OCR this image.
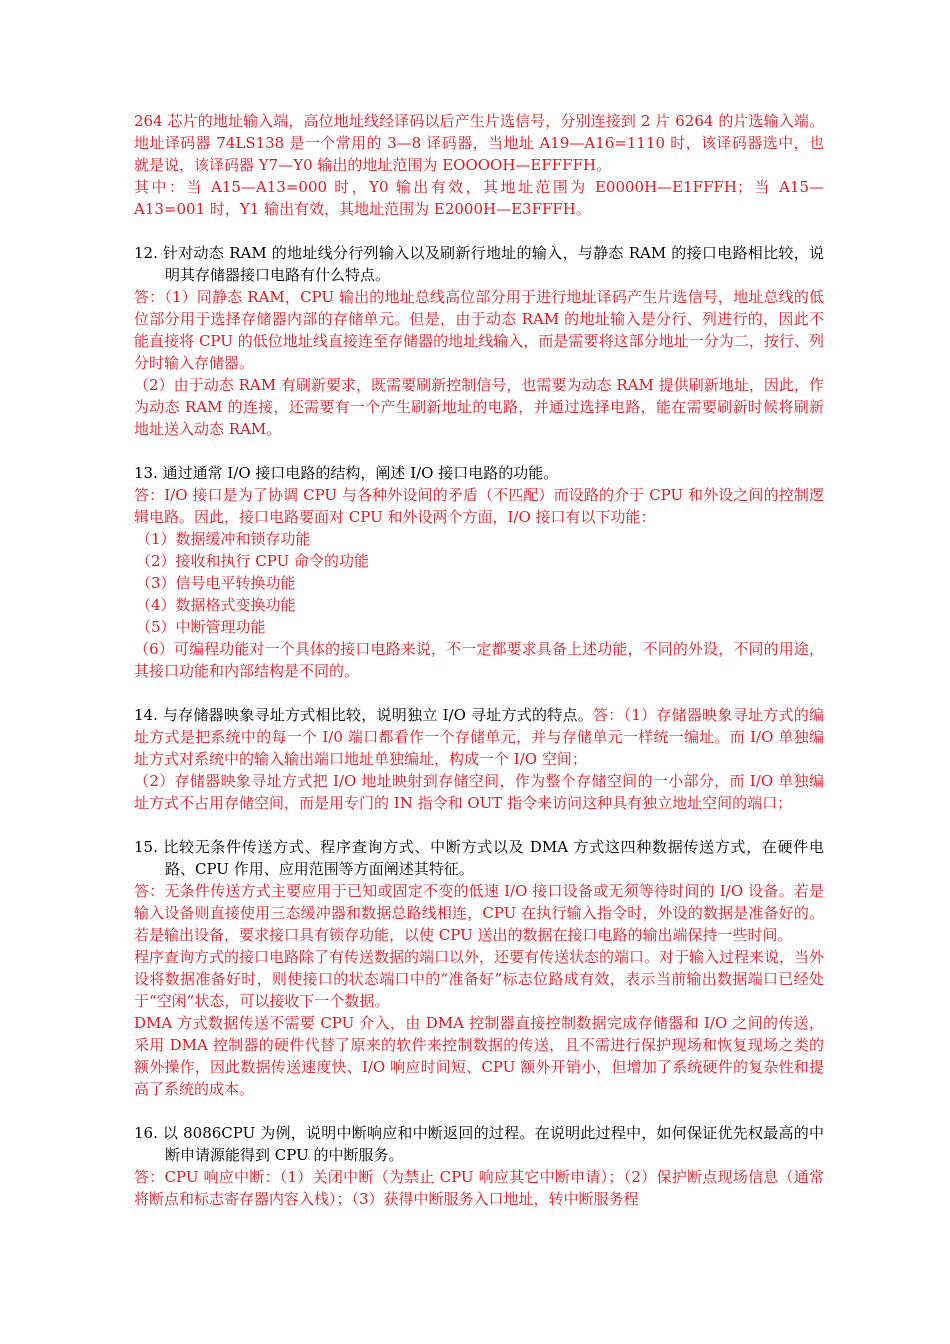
264 芯片的地址输入端，高位地址线经译码以后产生片选信号，分别连接到 2 片 6264 的片选输入端。地址译码器 74LS138 是一个常用的 3—8 译码器，当地址 A19—A16=1110 时，该译码器选中，也就是说，该译码器 Y7—Y0 输出的地址范围为 EOOOOH—EFFFFH。

其中：当 A15—A13=000 时，Y0 输出有效，其地址范围为 E0000H—E1FFFH；当 A15—A13=001 时，Y1 输出有效，其地址范围为 E2000H—E3FFFH。

12. 针对动态 RAM 的地址线分行列输入以及刷新行地址的输入，与静态 RAM 的接口电路相比较，说明其存储器接口电路有什么特点。

答：（1）同静态 RAM，CPU 输出的地址总线高位部分用于进行地址译码产生片选信号，地址总线的低位部分用于选择存储器内部的存储单元。但是，由于动态 RAM 的地址输入是分行、列进行的，因此不能直接将 CPU 的低位地址线直接连至存储器的地址线输入，而是需要将这部分地址一分为二，按行、列分时输入存储器。

（2）由于动态 RAM 有刷新要求，既需要刷新控制信号，也需要为动态 RAM 提供刷新地址，因此，作为动态 RAM 的连接，还需要有一个产生刷新地址的电路，并通过选择电路，能在需要刷新时候将刷新地址送入动态 RAM。

13. 通过通常 I/O 接口电路的结构，阐述 I/O 接口电路的功能。

答：I/O 接口是为了协调 CPU 与各种外设间的矛盾（不匹配）而设路的介于 CPU 和外设之间的控制逻辑电路。因此，接口电路要面对 CPU 和外设两个方面，I/O 接口有以下功能：

（1）数据缓冲和锁存功能

（2）接收和执行 CPU 命令的功能

（3）信号电平转换功能

（4）数据格式变换功能

（5）中断管理功能

（6）可编程功能对一个具体的接口电路来说，不一定都要求具备上述功能，不同的外设，不同的用途，其接口功能和内部结构是不同的。

14. 与存储器映象寻址方式相比较，说明独立 I/O 寻址方式的特点。答：（1）存储器映象寻址方式的编址方式是把系统中的每一个 I/0 端口都看作一个存储单元，并与存储单元一样统一编址。而 I/O 单独编址方式对系统中的输入输出端口地址单独编址，构成一个 I/O 空间；

（2）存储器映象寻址方式把 I/O 地址映射到存储空间，作为整个存储空间的一小部分，而 I/O 单独编址方式不占用存储空间，而是用专门的 IN 指令和 OUT 指令来访问这种具有独立地址空间的端口；

15. 比较无条件传送方式、程序查询方式、中断方式以及 DMA 方式这四种数据传送方式，在硬件电路、CPU 作用、应用范围等方面阐述其特征。

答：无条件传送方式主要应用于已知或固定不变的低速 I/O 接口设备或无须等待时间的 I/O 设备。若是输入设备则直接使用三态缓冲器和数据总路线相连，CPU 在执行输入指令时，外设的数据是准备好的。若是输出设备，要求接口具有锁存功能，以使 CPU 送出的数据在接口电路的输出端保持一些时间。

程序查询方式的接口电路除了有传送数据的端口以外，还要有传送状态的端口。对于输入过程来说，当外设将数据准备好时，则使接口的状态端口中的“准备好”标志位路成有效，表示当前输出数据端口已经处于“空闲”状态，可以接收下一个数据。

DMA 方式数据传送不需要 CPU 介入，由 DMA 控制器直接控制数据完成存储器和 I/O 之间的传送，采用 DMA 控制器的硬件代替了原来的软件来控制数据的传送，且不需进行保护现场和恢复现场之类的额外操作，因此数据传送速度快、I/O 响应时间短、CPU 额外开销小，但增加了系统硬件的复杂性和提高了系统的成本。

16. 以 8086CPU 为例，说明中断响应和中断返回的过程。在说明此过程中，如何保证优先权最高的中断申请源能得到 CPU 的中断服务。

答：CPU 响应中断：（1）关闭中断（为禁止 CPU 响应其它中断申请）；（2）保护断点现场信息（通常将断点和标志寄存器内容入栈）；（3）获得中断服务入口地址，转中断服务程
